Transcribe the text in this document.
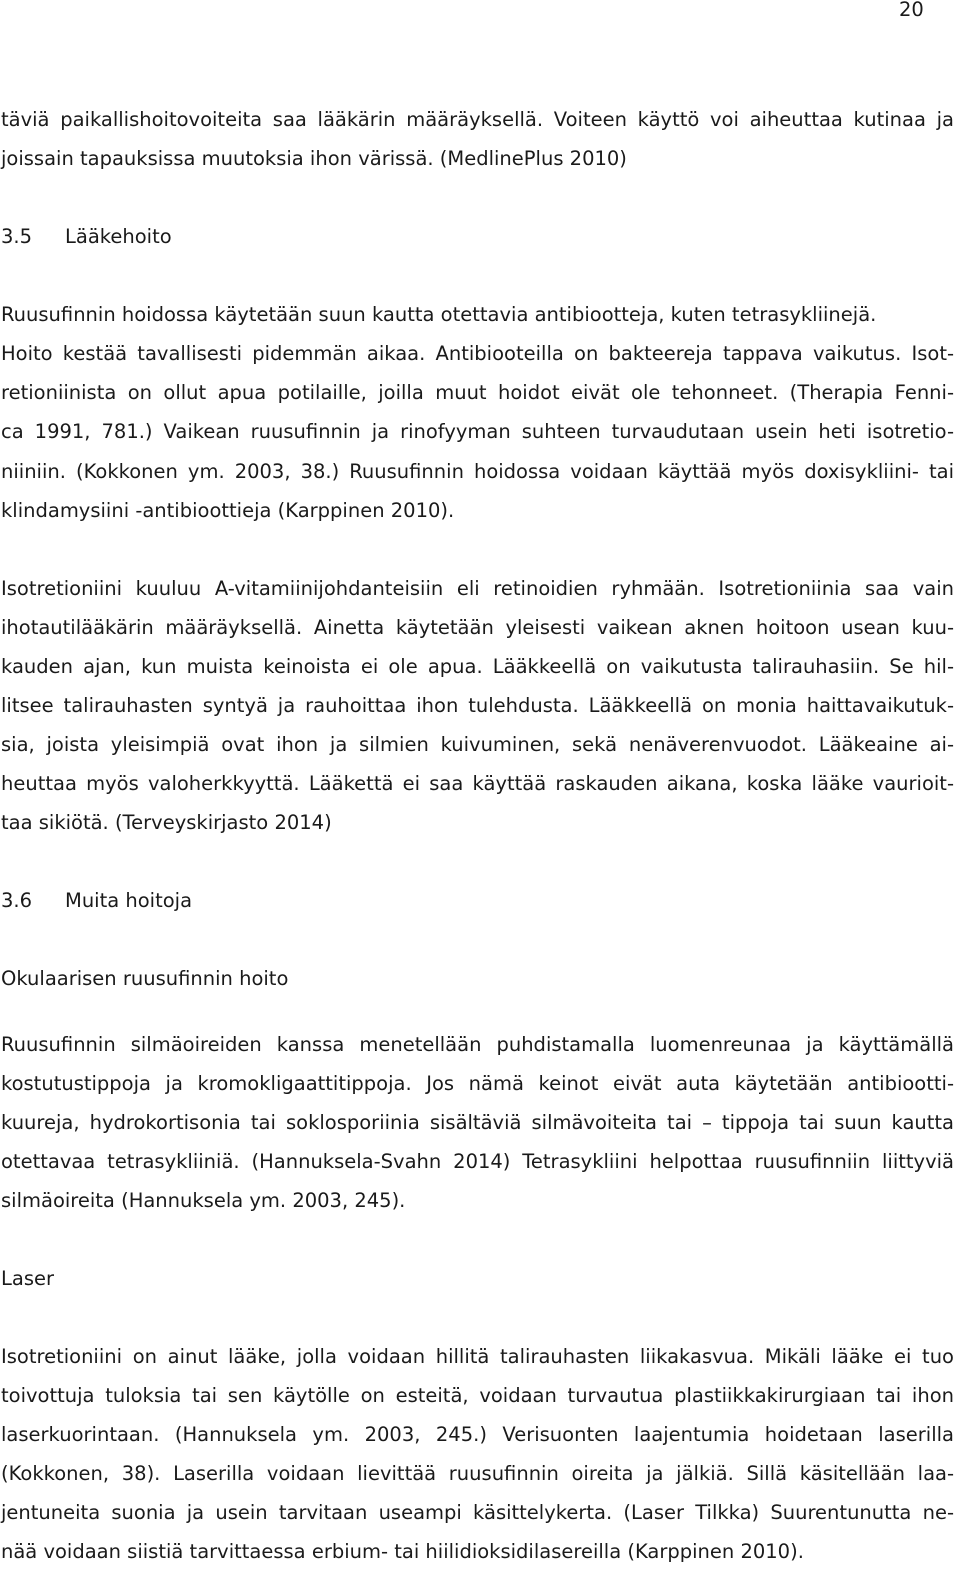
20
täviä paikallishoitovoiteita saa lääkärin määräyksellä. Voiteen käyttö voi aiheuttaa kutinaa ja
joissain tapauksissa muutoksia ihon värissä. (MedlinePlus 2010)
3.5 Lääkehoito
Ruusufinnin hoidossa käytetään suun kautta otettavia antibiootteja, kuten tetrasykliinejä.
Hoito kestää tavallisesti pidemmän aikaa. Antibiooteilla on bakteereja tappava vaikutus. Isot-
retioniinista on ollut apua potilaille, joilla muut hoidot eivät ole tehonneet. (Therapia Fenni-
ca 1991, 781.) Vaikean ruusufinnin ja rinofyyman suhteen turvaudutaan usein heti isotretio-
niiniin. (Kokkonen ym. 2003, 38.) Ruusufinnin hoidossa voidaan käyttää myös doxisykliini- tai
klindamysiini -antibioottieja (Karppinen 2010).
Isotretioniini kuuluu A-vitamiinijohdanteisiin eli retinoidien ryhmään. Isotretioniinia saa vain
ihotautilääkärin määräyksellä. Ainetta käytetään yleisesti vaikean aknen hoitoon usean kuu-
kauden ajan, kun muista keinoista ei ole apua. Lääkkeellä on vaikutusta talirauhasiin. Se hil-
litsee talirauhasten syntyä ja rauhoittaa ihon tulehdusta. Lääkkeellä on monia haittavaikutuk-
sia, joista yleisimpiä ovat ihon ja silmien kuivuminen, sekä nenäverenvuodot. Lääkeaine ai-
heuttaa myös valoherkkyyttä. Lääkettä ei saa käyttää raskauden aikana, koska lääke vaurioit-
taa sikiötä. (Terveyskirjasto 2014)
3.6 Muita hoitoja
Okulaarisen ruusufinnin hoito
Ruusufinnin silmäoireiden kanssa menetellään puhdistamalla luomenreunaa ja käyttämällä
kostutustippoja ja kromokligaattitippoja. Jos nämä keinot eivät auta käytetään antibiootti-
kuureja, hydrokortisonia tai soklosporiinia sisältäviä silmävoiteita tai – tippoja tai suun kautta
otettavaa tetrasykliiniä. (Hannuksela-Svahn 2014) Tetrasykliini helpottaa ruusufinniin liittyviä
silmäoireita (Hannuksela ym. 2003, 245).
Laser
Isotretioniini on ainut lääke, jolla voidaan hillitä talirauhasten liikakasvua. Mikäli lääke ei tuo
toivottuja tuloksia tai sen käytölle on esteitä, voidaan turvautua plastiikkakirurgiaan tai ihon
laserkuorintaan. (Hannuksela ym. 2003, 245.) Verisuonten laajentumia hoidetaan laserilla
(Kokkonen, 38). Laserilla voidaan lievittää ruusufinnin oireita ja jälkiä. Sillä käsitellään laa-
jentuneita suonia ja usein tarvitaan useampi käsittelykerta. (Laser Tilkka) Suurentunutta ne-
nää voidaan siistiä tarvittaessa erbium- tai hiilidioksidilasereilla (Karppinen 2010).
